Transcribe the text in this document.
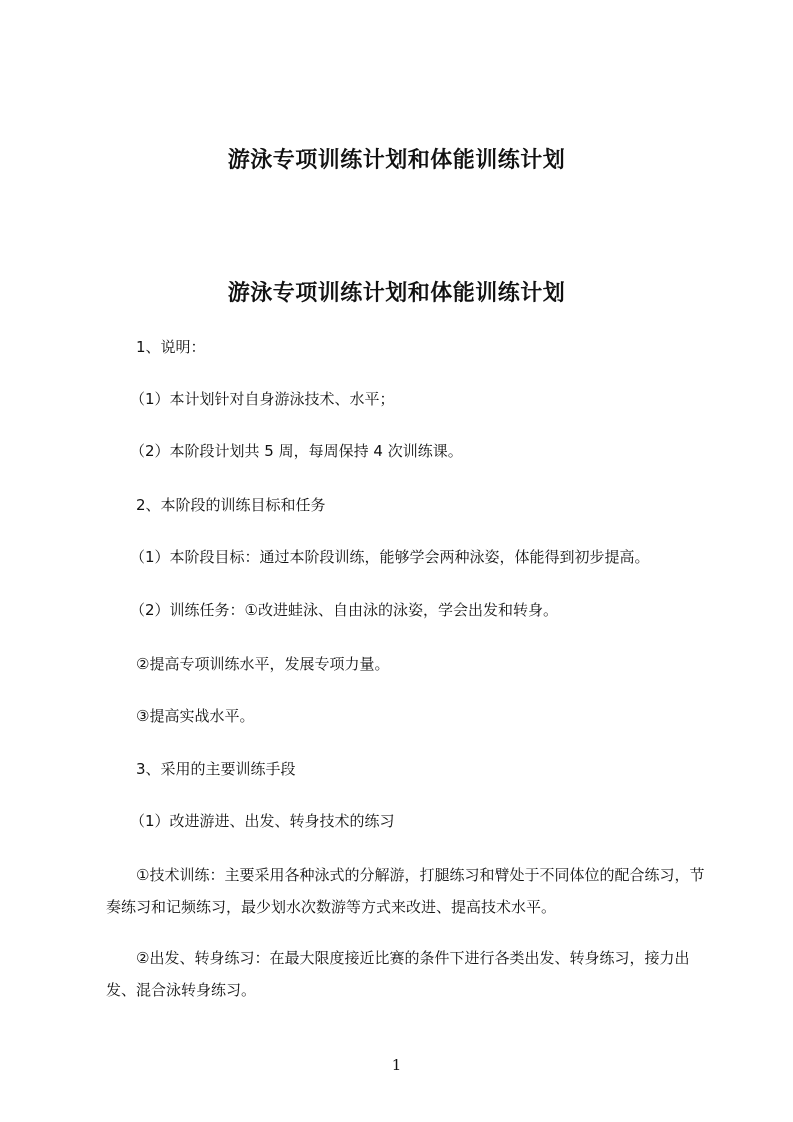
游泳专项训练计划和体能训练计划
游泳专项训练计划和体能训练计划

1、说明：

（1）本计划针对自身游泳技术、水平；

（2）本阶段计划共 5 周，每周保持 4 次训练课。

2、本阶段的训练目标和任务

（1）本阶段目标：通过本阶段训练，能够学会两种泳姿，体能得到初步提高。

（2）训练任务：①改进蛙泳、自由泳的泳姿，学会出发和转身。

②提高专项训练水平，发展专项力量。

③提高实战水平。

3、采用的主要训练手段

（1）改进游进、出发、转身技术的练习

①技术训练：主要采用各种泳式的分解游，打腿练习和臂处于不同体位的配合练习，节奏练习和记频练习，最少划水次数游等方式来改进、提高技术水平。

②出发、转身练习：在最大限度接近比赛的条件下进行各类出发、转身练习，接力出发、混合泳转身练习。

1
